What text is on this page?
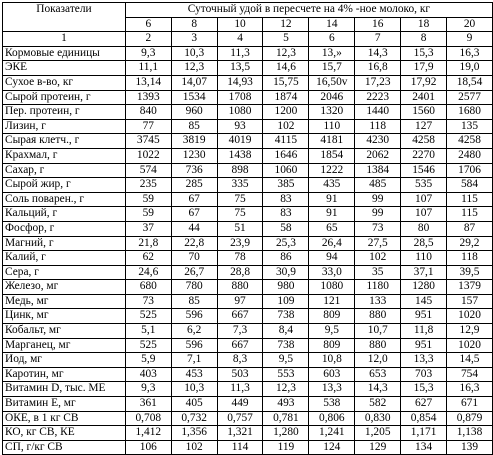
Показатели	Суточный удой в пересчете на 4% -ное молоко, кг							
	6	8	10	12	14	16	18	20
1	2	3	4	5	6	7	8	9
Кормовые единицы	9,3	10,3	11,3	12,3	13,»	14,3	15,3	16,3
ЭКЕ	11,1	12,3	13,5	14,6	15,7	16,8	17,9	19,0
Сухое в-во, кг	13,14	14,07	14,93	15,75	16,50v	17,23	17,92	18,54
Сырой протеин, г	1393	1534	1708	1874	2046	2223	2401	2577
Пер. протеин, г	840	960	1080	1200	1320	1440	1560	1680
Лизин, г	77	85	93	102	110	118	127	135
Сырая клетч., г	3745	3819	4019	4115	4181	4230	4258	4258
Крахмал, г	1022	1230	1438	1646	1854	2062	2270	2480
Сахар, г	574	736	898	1060	1222	1384	1546	1706
Сырой жир, г	235	285	335	385	435	485	535	584
Соль поварен., г	59	67	75	83	91	99	107	115
Кальций, г	59	67	75	83	91	99	107	115
Фосфор, г	37	44	51	58	65	73	80	87
Магний, г	21,8	22,8	23,9	25,3	26,4	27,5	28,5	29,2
Калий, г	62	70	78	86	94	102	110	118
Сера, г	24,6	26,7	28,8	30,9	33,0	35	37,1	39,5
Железо, мг	680	780	880	980	1080	1180	1280	1379
Медь, мг	73	85	97	109	121	133	145	157
Цинк, мг	525	596	667	738	809	880	951	1020
Кобальт, мг	5,1	6,2	7,3	8,4	9,5	10,7	11,8	12,9
Марганец, мг	525	596	667	738	809	880	951	1020
Иод, мг	5,9	7,1	8,3	9,5	10,8	12,0	13,3	14,5
Каротин, мг	403	453	503	553	603	653	703	754
Витамин D, тыс. МЕ	9,3	10,3	11,3	12,3	13,3	14,3	15,3	16,3
Витамин Е, мг	361	405	449	493	538	582	627	671
ОКЕ, в 1 кг СВ	0,708	0,732	0,757	0,781	0,806	0,830	0,854	0,879
КО, кг СВ, КЕ	1,412	1,356	1,321	1,280	1,241	1,205	1,171	1,138
СП, г/кг СВ	106	102	114	119	124	129	134	139
